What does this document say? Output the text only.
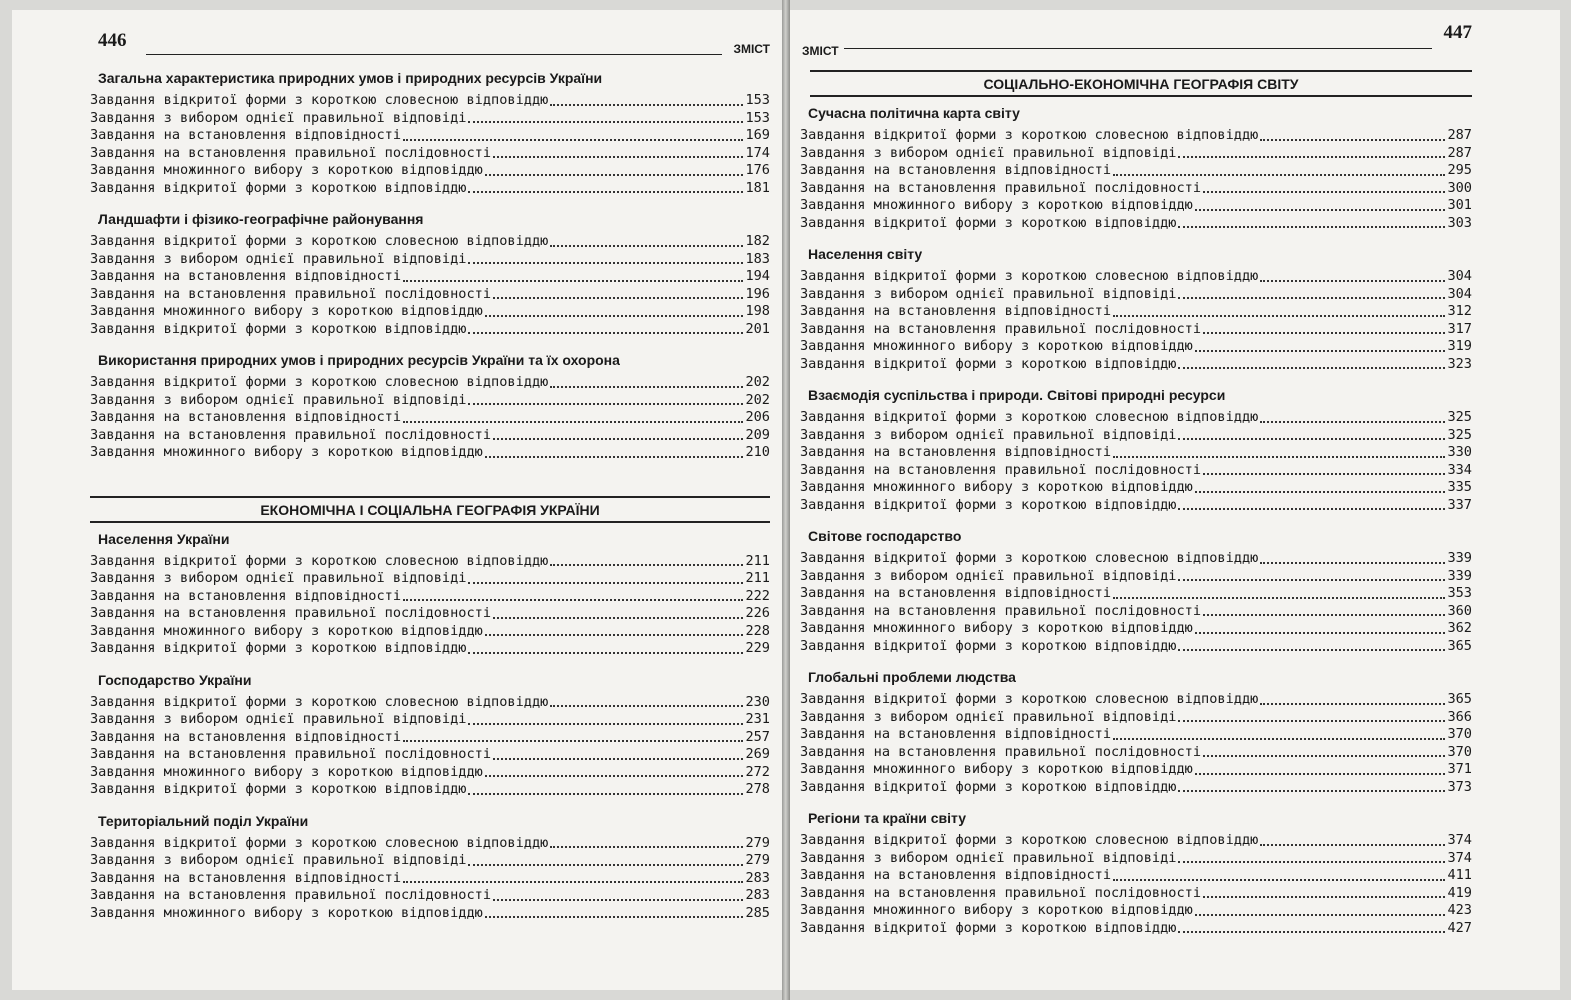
446	ЗМІСТ
Загальна характеристика природних умов і природних ресурсів України
Завдання відкритої форми з короткою словесною відповіддю	153
Завдання з вибором однієї правильної відповіді	153
Завдання на встановлення відповідності	169
Завдання на встановлення правильної послідовності	174
Завдання множинного вибору з короткою відповіддю	176
Завдання відкритої форми з короткою відповіддю	181
Ландшафти і фізико-географічне районування
Завдання відкритої форми з короткою словесною відповіддю	182
Завдання з вибором однієї правильної відповіді	183
Завдання на встановлення відповідності	194
Завдання на встановлення правильної послідовності	196
Завдання множинного вибору з короткою відповіддю	198
Завдання відкритої форми з короткою відповіддю	201
Використання природних умов і природних ресурсів України та їх охорона
Завдання відкритої форми з короткою словесною відповіддю	202
Завдання з вибором однієї правильної відповіді	202
Завдання на встановлення відповідності	206
Завдання на встановлення правильної послідовності	209
Завдання множинного вибору з короткою відповіддю	210
ЕКОНОМІЧНА І СОЦІАЛЬНА ГЕОГРАФІЯ УКРАЇНИ
Населення України
Завдання відкритої форми з короткою словесною відповіддю	211
Завдання з вибором однієї правильної відповіді	211
Завдання на встановлення відповідності	222
Завдання на встановлення правильної послідовності	226
Завдання множинного вибору з короткою відповіддю	228
Завдання відкритої форми з короткою відповіддю	229
Господарство України
Завдання відкритої форми з короткою словесною відповіддю	230
Завдання з вибором однієї правильної відповіді	231
Завдання на встановлення відповідності	257
Завдання на встановлення правильної послідовності	269
Завдання множинного вибору з короткою відповіддю	272
Завдання відкритої форми з короткою відповіддю	278
Територіальний поділ України
Завдання відкритої форми з короткою словесною відповіддю	279
Завдання з вибором однієї правильної відповіді	279
Завдання на встановлення відповідності	283
Завдання на встановлення правильної послідовності	283
Завдання множинного вибору з короткою відповіддю	285
ЗМІСТ
447
СОЦІАЛЬНО-ЕКОНОМІЧНА ГЕОГРАФІЯ СВІТУ
Сучасна політична карта світу
Завдання відкритої форми з короткою словесною відповіддю	287
Завдання з вибором однієї правильної відповіді	287
Завдання на встановлення відповідності	295
Завдання на встановлення правильної послідовності	300
Завдання множинного вибору з короткою відповіддю	301
Завдання відкритої форми з короткою відповіддю	303
Населення світу
Завдання відкритої форми з короткою словесною відповіддю	304
Завдання з вибором однієї правильної відповіді	304
Завдання на встановлення відповідності	312
Завдання на встановлення правильної послідовності	317
Завдання множинного вибору з короткою відповіддю	319
Завдання відкритої форми з короткою відповіддю	323
Взаємодія суспільства і природи. Світові природні ресурси
Завдання відкритої форми з короткою словесною відповіддю	325
Завдання з вибором однієї правильної відповіді	325
Завдання на встановлення відповідності	330
Завдання на встановлення правильної послідовності	334
Завдання множинного вибору з короткою відповіддю	335
Завдання відкритої форми з короткою відповіддю	337
Світове господарство
Завдання відкритої форми з короткою словесною відповіддю	339
Завдання з вибором однієї правильної відповіді	339
Завдання на встановлення відповідності	353
Завдання на встановлення правильної послідовності	360
Завдання множинного вибору з короткою відповіддю	362
Завдання відкритої форми з короткою відповіддю	365
Глобальні проблеми людства
Завдання відкритої форми з короткою словесною відповіддю	365
Завдання з вибором однієї правильної відповіді	366
Завдання на встановлення відповідності	370
Завдання на встановлення правильної послідовності	370
Завдання множинного вибору з короткою відповіддю	371
Завдання відкритої форми з короткою відповіддю	373
Регіони та країни світу
Завдання відкритої форми з короткою словесною відповіддю	374
Завдання з вибором однієї правильної відповіді	374
Завдання на встановлення відповідності	411
Завдання на встановлення правильної послідовності	419
Завдання множинного вибору з короткою відповіддю	423
Завдання відкритої форми з короткою відповіддю	427
